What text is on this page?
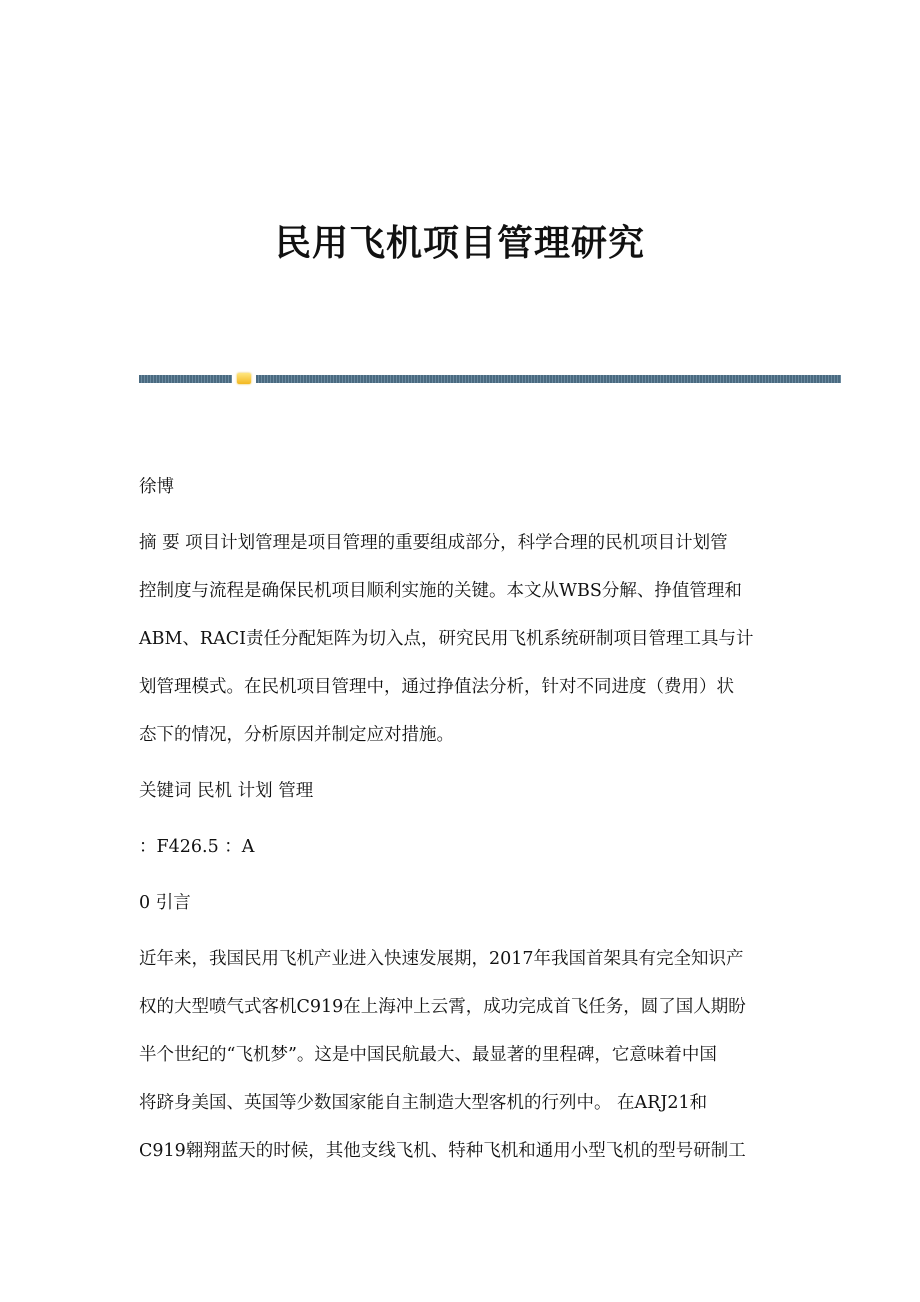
民用飞机项目管理研究
徐博
摘 要 项目计划管理是项目管理的重要组成部分，科学合理的民机项目计划管
控制度与流程是确保民机项目顺利实施的关键。本文从WBS分解、挣值管理和
ABM、RACI责任分配矩阵为切入点，研究民用飞机系统研制项目管理工具与计
划管理模式。在民机项目管理中，通过挣值法分析，针对不同进度（费用）状
态下的情况，分析原因并制定应对措施。
关键词 民机 计划 管理
：F426.5 ：A
0 引言
近年来，我国民用飞机产业进入快速发展期，2017年我国首架具有完全知识产
权的大型喷气式客机C919在上海冲上云霄，成功完成首飞任务，圆了国人期盼
半个世纪的“飞机梦”。这是中国民航最大、最显著的里程碑，它意味着中国
将跻身美国、英国等少数国家能自主制造大型客机的行列中。 在ARJ21和
C919翱翔蓝天的时候，其他支线飞机、特种飞机和通用小型飞机的型号研制工
